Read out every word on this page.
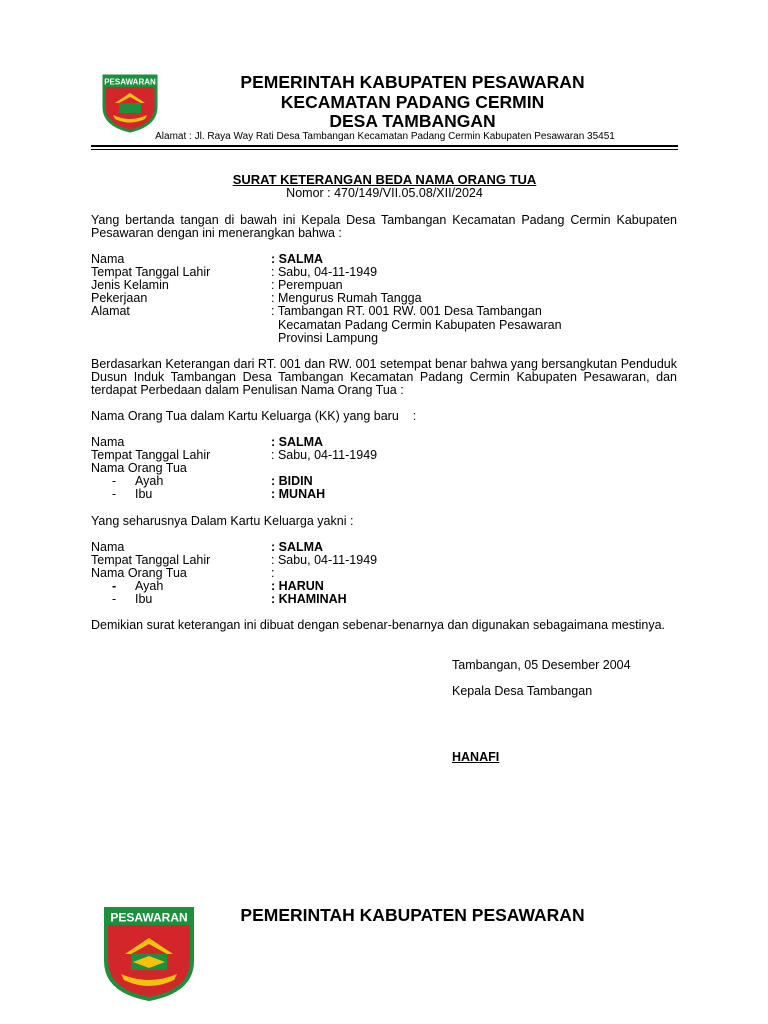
PESAWARAN	PEMERINTAH KABUPATEN PESAWARAN
KECAMATAN PADANG CERMIN
DESA TAMBANGAN
Alamat : Jl. Raya Way Rati Desa Tambangan Kecamatan Padang Cermin Kabupaten Pesawaran 35451
SURAT KETERANGAN BEDA NAMA ORANG TUA
Nomor : 470/149/VII.05.08/XII/2024
Yang bertanda tangan di bawah ini Kepala Desa Tambangan Kecamatan Padang Cermin Kabupaten Pesawaran dengan ini menerangkan bahwa :
Nama	: SALMA
Tempat Tanggal Lahir	: Sabu, 04-11-1949
Jenis Kelamin	: Perempuan
Pekerjaan	: Mengurus Rumah Tangga
Alamat	: Tambangan RT. 001 RW. 001 Desa Tambangan
Kecamatan Padang Cermin Kabupaten Pesawaran
Provinsi Lampung
Berdasarkan Keterangan dari RT. 001 dan RW. 001 setempat benar bahwa yang bersangkutan Penduduk Dusun Induk Tambangan Desa Tambangan Kecamatan Padang Cermin Kabupaten Pesawaran, dan terdapat Perbedaan dalam Penulisan Nama Orang Tua :
Nama Orang Tua dalam Kartu Keluarga (KK) yang baru    :
Nama	: SALMA
Tempat Tanggal Lahir	: Sabu, 04-11-1949
Nama Orang Tua
- Ayah	: BIDIN
- Ibu	: MUNAH
Yang seharusnya Dalam Kartu Keluarga yakni :
Nama	: SALMA
Tempat Tanggal Lahir	: Sabu, 04-11-1949
Nama Orang Tua	:
- Ayah	: HARUN
- Ibu	: KHAMINAH
Demikian surat keterangan ini dibuat dengan sebenar-benarnya dan digunakan sebagaimana mestinya.
Tambangan, 05 Desember 2004
Kepala Desa Tambangan
HANAFI
PESAWARAN	PEMERINTAH KABUPATEN PESAWARAN
